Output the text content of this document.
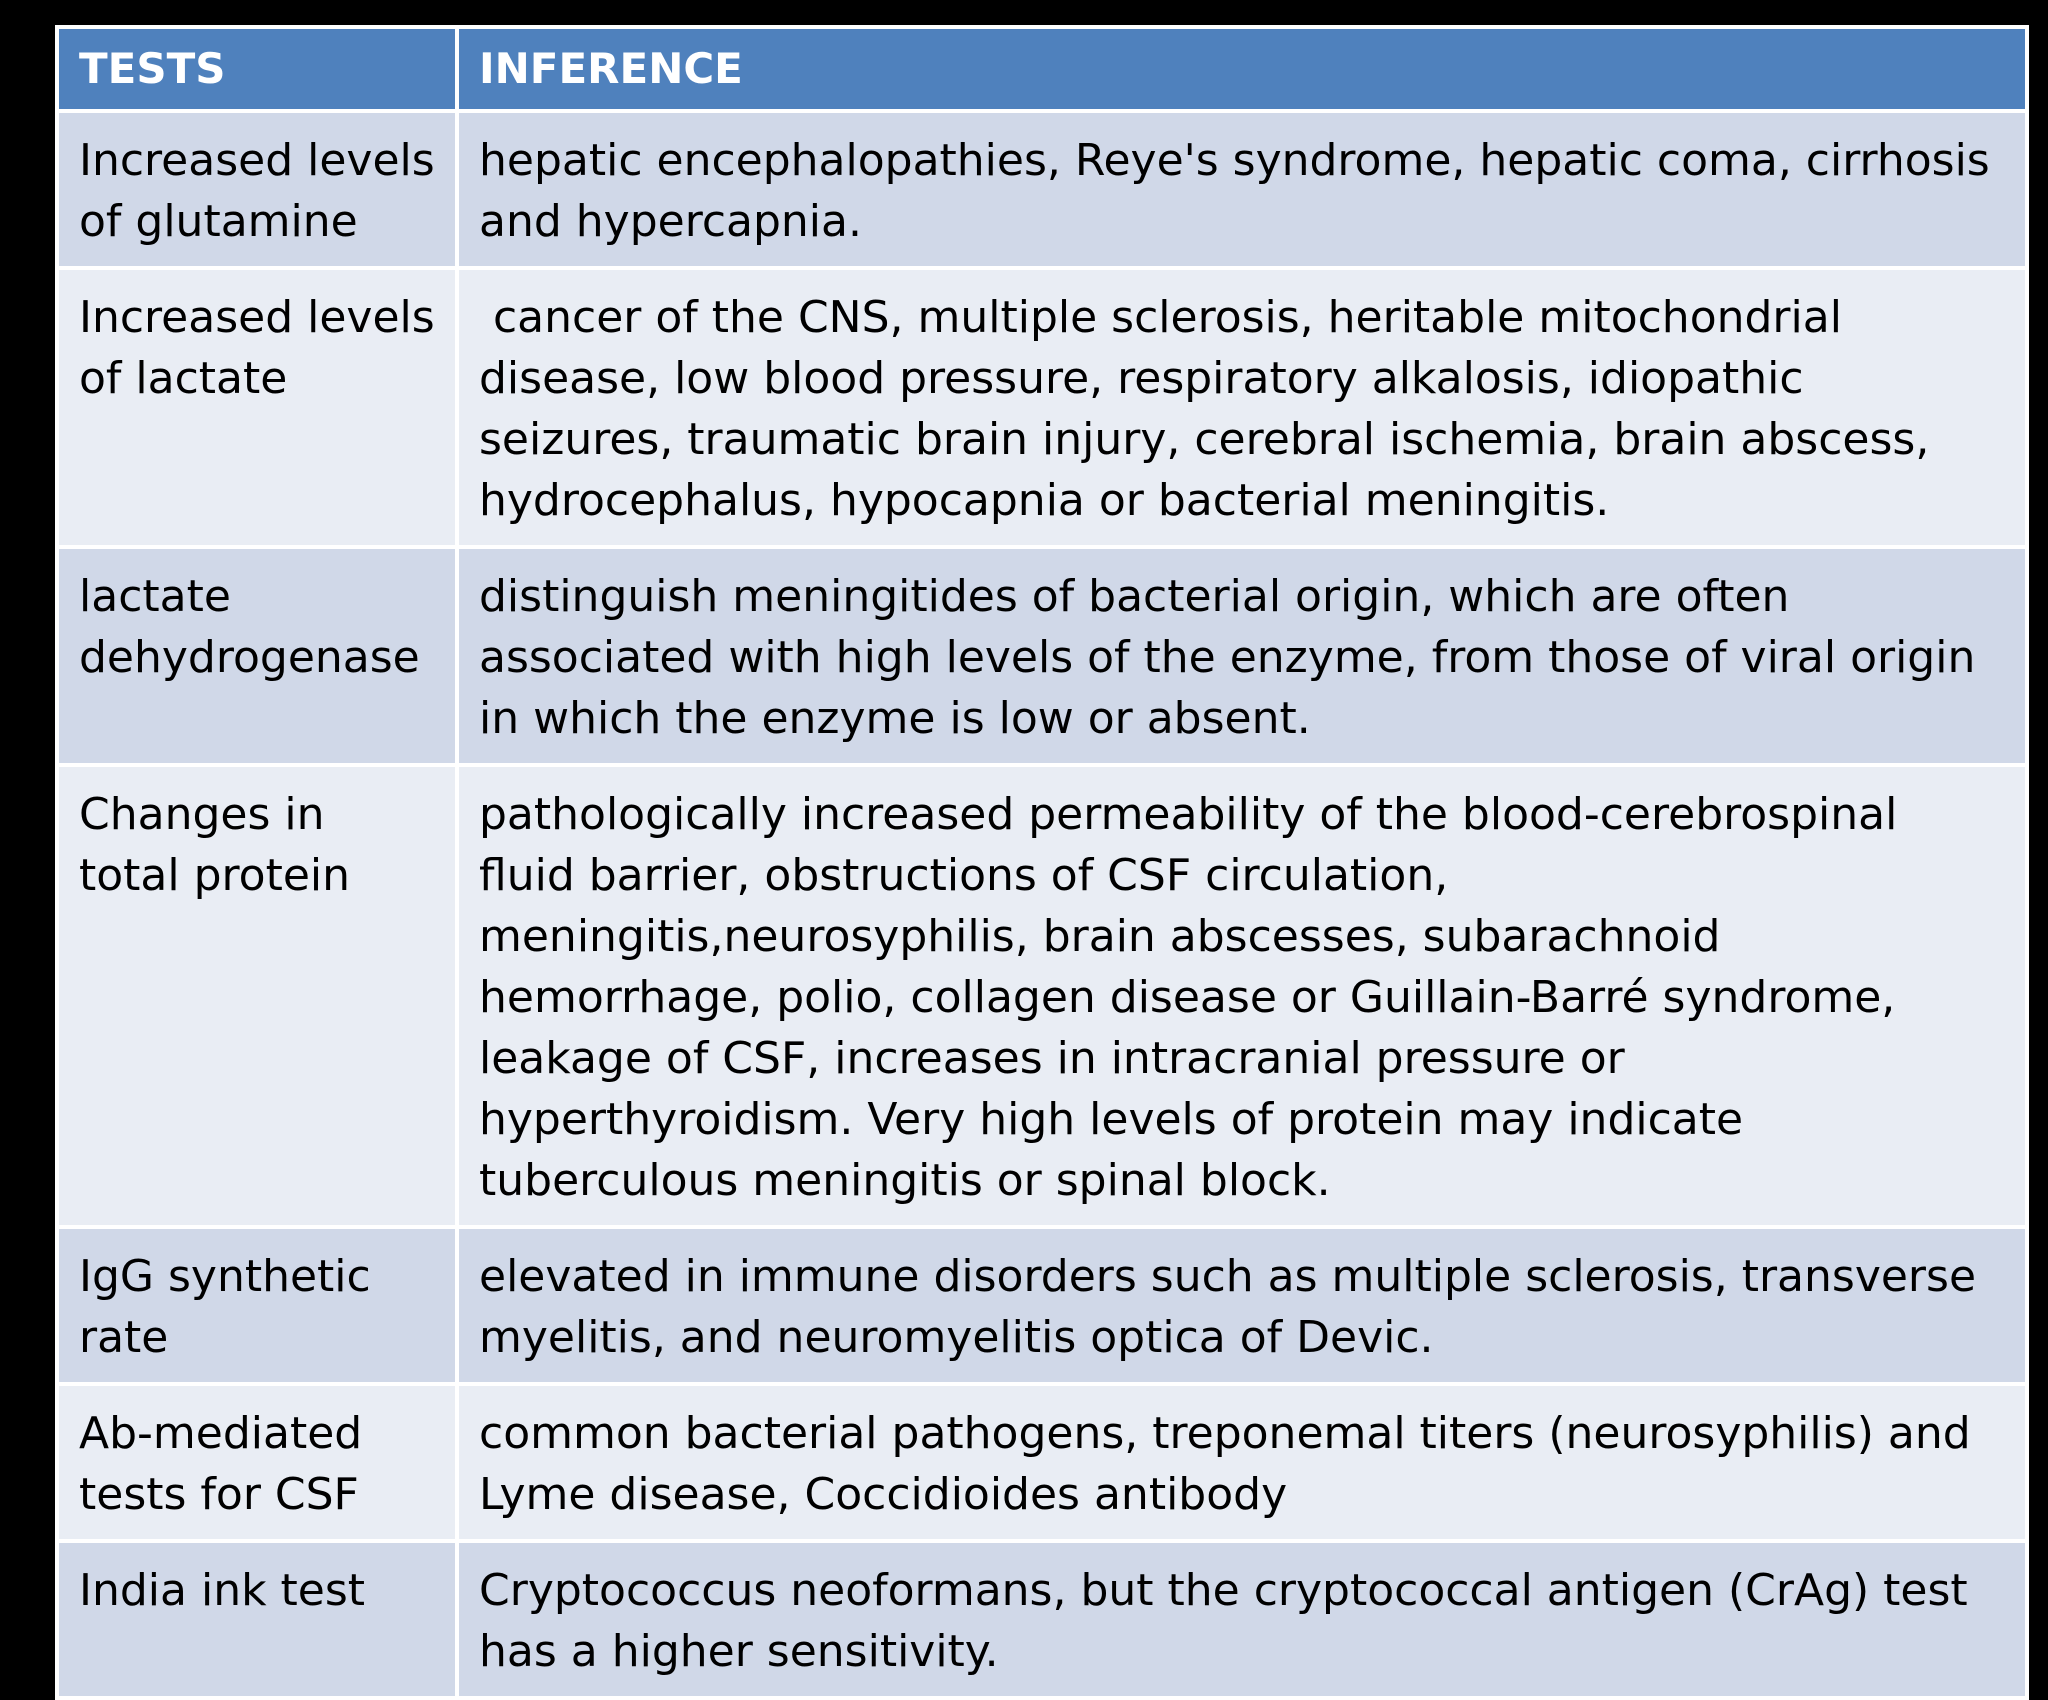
TESTS	INFERENCE
Increased levels of glutamine	hepatic encephalopathies, Reye's syndrome, hepatic coma, cirrhosis and hypercapnia.
Increased levels of lactate	cancer of the CNS, multiple sclerosis, heritable mitochondrial disease, low blood pressure, respiratory alkalosis, idiopathic seizures, traumatic brain injury, cerebral ischemia, brain abscess, hydrocephalus, hypocapnia or bacterial meningitis.
lactate dehydrogenase	distinguish meningitides of bacterial origin, which are often associated with high levels of the enzyme, from those of viral origin in which the enzyme is low or absent.
Changes in total protein	pathologically increased permeability of the blood-cerebrospinal fluid barrier, obstructions of CSF circulation, meningitis,neurosyphilis, brain abscesses, subarachnoid hemorrhage, polio, collagen disease or Guillain-Barré syndrome, leakage of CSF, increases in intracranial pressure or hyperthyroidism. Very high levels of protein may indicate tuberculous meningitis or spinal block.
IgG synthetic rate	elevated in immune disorders such as multiple sclerosis, transverse myelitis, and neuromyelitis optica of Devic.
Ab-mediated tests for CSF	common bacterial pathogens, treponemal titers (neurosyphilis) and Lyme disease, Coccidioides antibody
India ink test	Cryptococcus neoformans, but the cryptococcal antigen (CrAg) test has a higher sensitivity.
